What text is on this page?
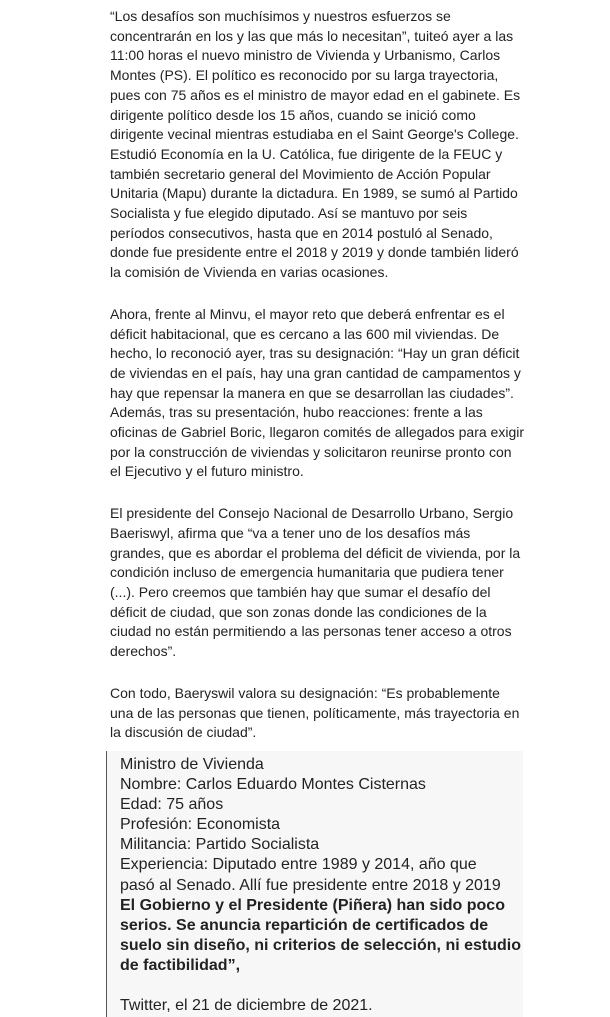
“Los desafíos son muchísimos y nuestros esfuerzos se concentrarán en los y las que más lo necesitan”, tuiteó ayer a las 11:00 horas el nuevo ministro de Vivienda y Urbanismo, Carlos Montes (PS). El político es reconocido por su larga trayectoria, pues con 75 años es el ministro de mayor edad en el gabinete. Es dirigente político desde los 15 años, cuando se inició como dirigente vecinal mientras estudiaba en el Saint George's College. Estudió Economía en la U. Católica, fue dirigente de la FEUC y también secretario general del Movimiento de Acción Popular Unitaria (Mapu) durante la dictadura. En 1989, se sumó al Partido Socialista y fue elegido diputado. Así se mantuvo por seis períodos consecutivos, hasta que en 2014 postuló al Senado, donde fue presidente entre el 2018 y 2019 y donde también lideró la comisión de Vivienda en varias ocasiones.

Ahora, frente al Minvu, el mayor reto que deberá enfrentar es el déficit habitacional, que es cercano a las 600 mil viviendas. De hecho, lo reconoció ayer, tras su designación: “Hay un gran déficit de viviendas en el país, hay una gran cantidad de campamentos y hay que repensar la manera en que se desarrollan las ciudades”. Además, tras su presentación, hubo reacciones: frente a las oficinas de Gabriel Boric, llegaron comités de allegados para exigir por la construcción de viviendas y solicitaron reunirse pronto con el Ejecutivo y el futuro ministro.

El presidente del Consejo Nacional de Desarrollo Urbano, Sergio Baeriswyl, afirma que “va a tener uno de los desafíos más grandes, que es abordar el problema del déficit de vivienda, por la condición incluso de emergencia humanitaria que pudiera tener (...). Pero creemos que también hay que sumar el desafío del déficit de ciudad, que son zonas donde las condiciones de la ciudad no están permitiendo a las personas tener acceso a otros derechos”.

Con todo, Baeryswil valora su designación: “Es probablemente una de las personas que tienen, políticamente, más trayectoria en la discusión de ciudad”.

Ministro de Vivienda
Nombre: Carlos Eduardo Montes Cisternas
Edad: 75 años
Profesión: Economista
Militancia: Partido Socialista
Experiencia: Diputado entre 1989 y 2014, año que
pasó al Senado. Allí fue presidente entre 2018 y 2019
El Gobierno y el Presidente (Piñera) han sido poco serios. Se anuncia repartición de certificados de suelo sin diseño, ni criterios de selección, ni estudio de factibilidad”,
Twitter, el 21 de diciembre de 2021.
